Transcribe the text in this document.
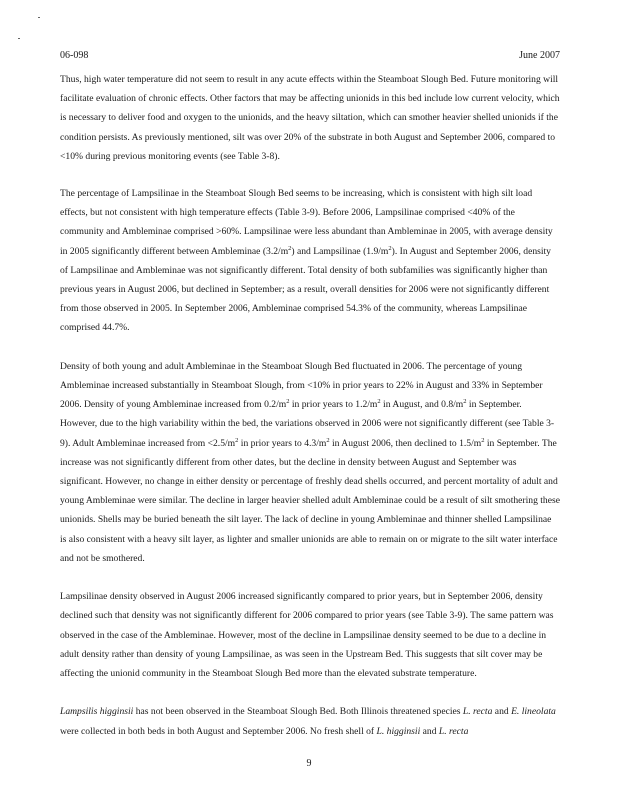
06-098	June 2007

Thus, high water temperature did not seem to result in any acute effects within the Steamboat Slough Bed. Future monitoring will facilitate evaluation of chronic effects. Other factors that may be affecting unionids in this bed include low current velocity, which is necessary to deliver food and oxygen to the unionids, and the heavy siltation, which can smother heavier shelled unionids if the condition persists. As previously mentioned, silt was over 20% of the substrate in both August and September 2006, compared to <10% during previous monitoring events (see Table 3-8).

The percentage of Lampsilinae in the Steamboat Slough Bed seems to be increasing, which is consistent with high silt load effects, but not consistent with high temperature effects (Table 3-9). Before 2006, Lampsilinae comprised <40% of the community and Ambleminae comprised >60%. Lampsilinae were less abundant than Ambleminae in 2005, with average density in 2005 significantly different between Ambleminae $(3.2/m^2)$ and Lampsilinae $(1.9/m^2)$. In August and September 2006, density of Lampsilinae and Ambleminae was not significantly different. Total density of both subfamilies was significantly higher than previous years in August 2006, but declined in September; as a result, overall densities for 2006 were not significantly different from those observed in 2005. In September 2006, Ambleminae comprised 54.3% of the community, whereas Lampsilinae comprised 44.7%.

Density of both young and adult Ambleminae in the Steamboat Slough Bed fluctuated in 2006. The percentage of young Ambleminae increased substantially in Steamboat Slough, from <10% in prior years to 22% in August and 33% in September 2006. Density of young Ambleminae increased from $0.2/m^2$ in prior years to $1.2/m^2$ in August, and $0.8/m^2$ in September. However, due to the high variability within the bed, the variations observed in 2006 were not significantly different (see Table 3-9). Adult Ambleminae increased from $<2.5/m^2$ in prior years to $4.3/m^2$ in August 2006, then declined to $1.5/m^2$ in September. The increase was not significantly different from other dates, but the decline in density between August and September was significant. However, no change in either density or percentage of freshly dead shells occurred, and percent mortality of adult and young Ambleminae were similar. The decline in larger heavier shelled adult Ambleminae could be a result of silt smothering these unionids. Shells may be buried beneath the silt layer. The lack of decline in young Ambleminae and thinner shelled Lampsilinae is also consistent with a heavy silt layer, as lighter and smaller unionids are able to remain on or migrate to the silt water interface and not be smothered.

Lampsilinae density observed in August 2006 increased significantly compared to prior years, but in September 2006, density declined such that density was not significantly different for 2006 compared to prior years (see Table 3-9). The same pattern was observed in the case of the Ambleminae. However, most of the decline in Lampsilinae density seemed to be due to a decline in adult density rather than density of young Lampsilinae, as was seen in the Upstream Bed. This suggests that silt cover may be affecting the unionid community in the Steamboat Slough Bed more than the elevated substrate temperature.

Lampsilis higginsii has not been observed in the Steamboat Slough Bed. Both Illinois threatened species L. recta and E. lineolata were collected in both beds in both August and September 2006. No fresh shell of L. higginsii and L. recta

9
